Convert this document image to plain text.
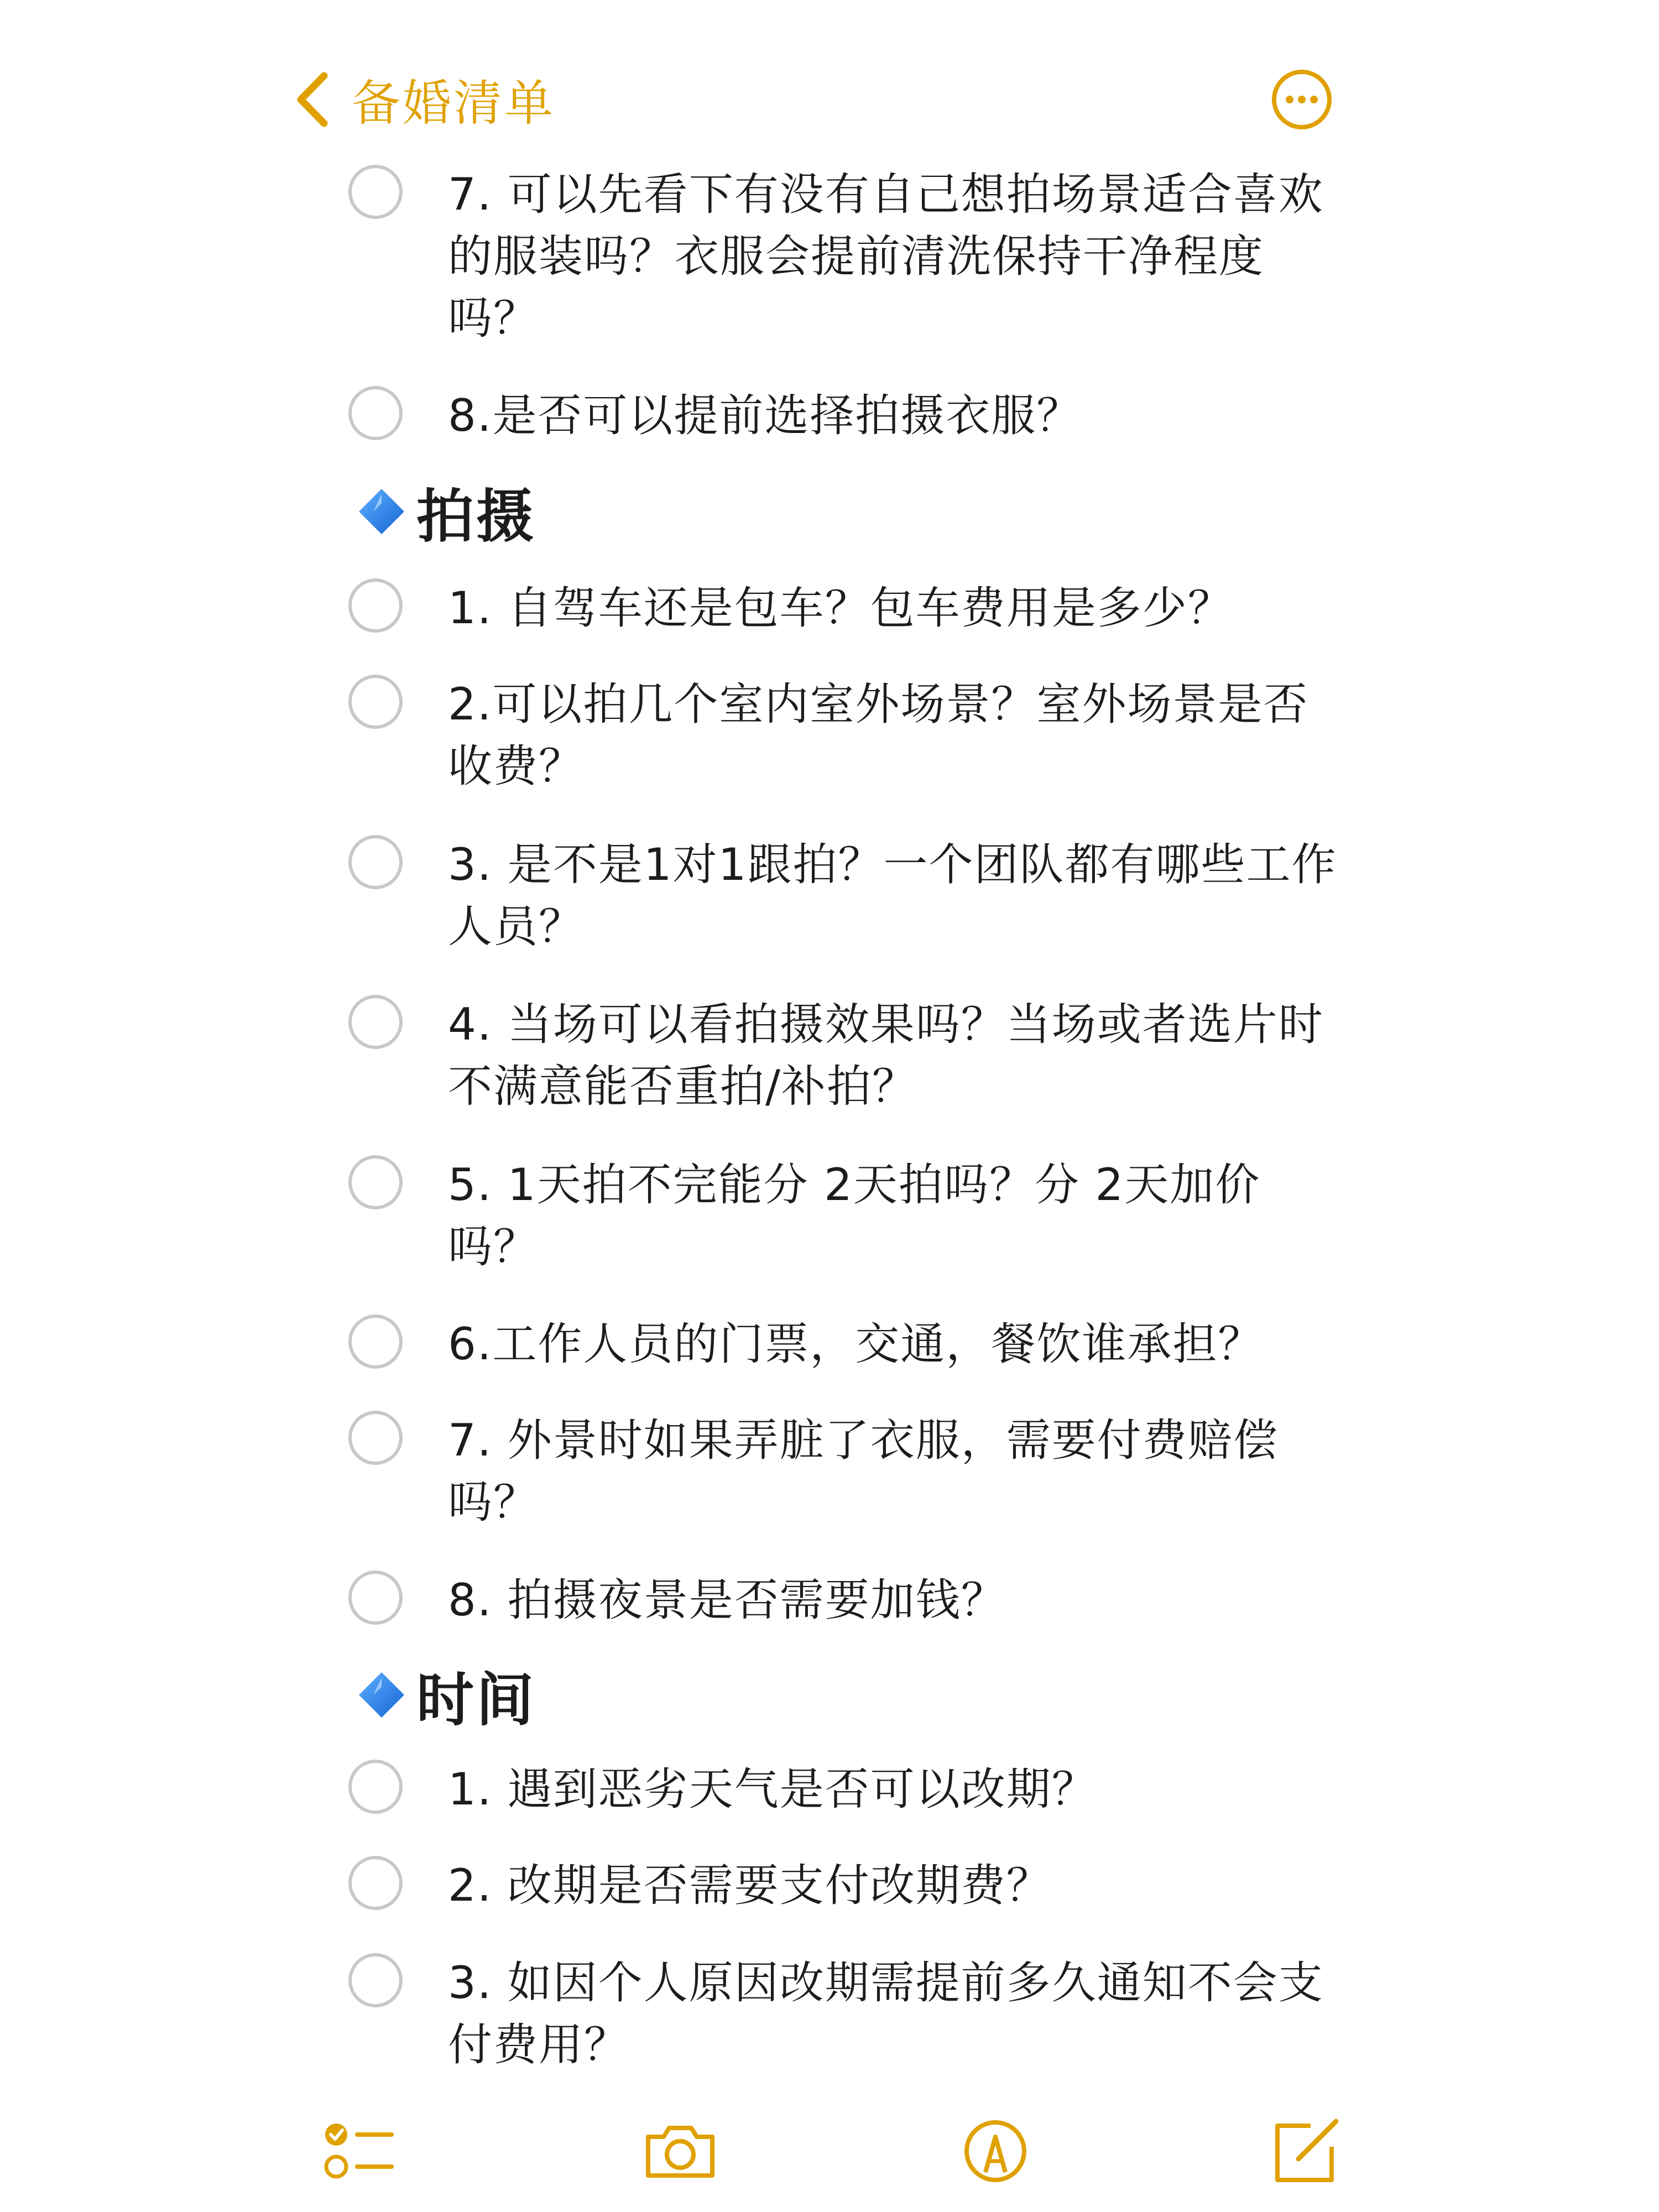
备婚清单
7. 可以先看下有没有自己想拍场景适合喜欢的服装吗？衣服会提前清洗保持干净程度吗？
8.是否可以提前选择拍摄衣服？
拍摄
1. 自驾车还是包车？包车费用是多少？
2.可以拍几个室内室外场景？室外场景是否收费？
3. 是不是1对1跟拍？一个团队都有哪些工作人员？
4. 当场可以看拍摄效果吗？当场或者选片时不满意能否重拍/补拍？
5. 1天拍不完能分 2天拍吗？分 2天加价吗？
6.工作人员的门票，交通，餐饮谁承担？
7. 外景时如果弄脏了衣服，需要付费赔偿吗？
8. 拍摄夜景是否需要加钱？
时间
1. 遇到恶劣天气是否可以改期？
2. 改期是否需要支付改期费？
3. 如因个人原因改期需提前多久通知不会支付费用？
